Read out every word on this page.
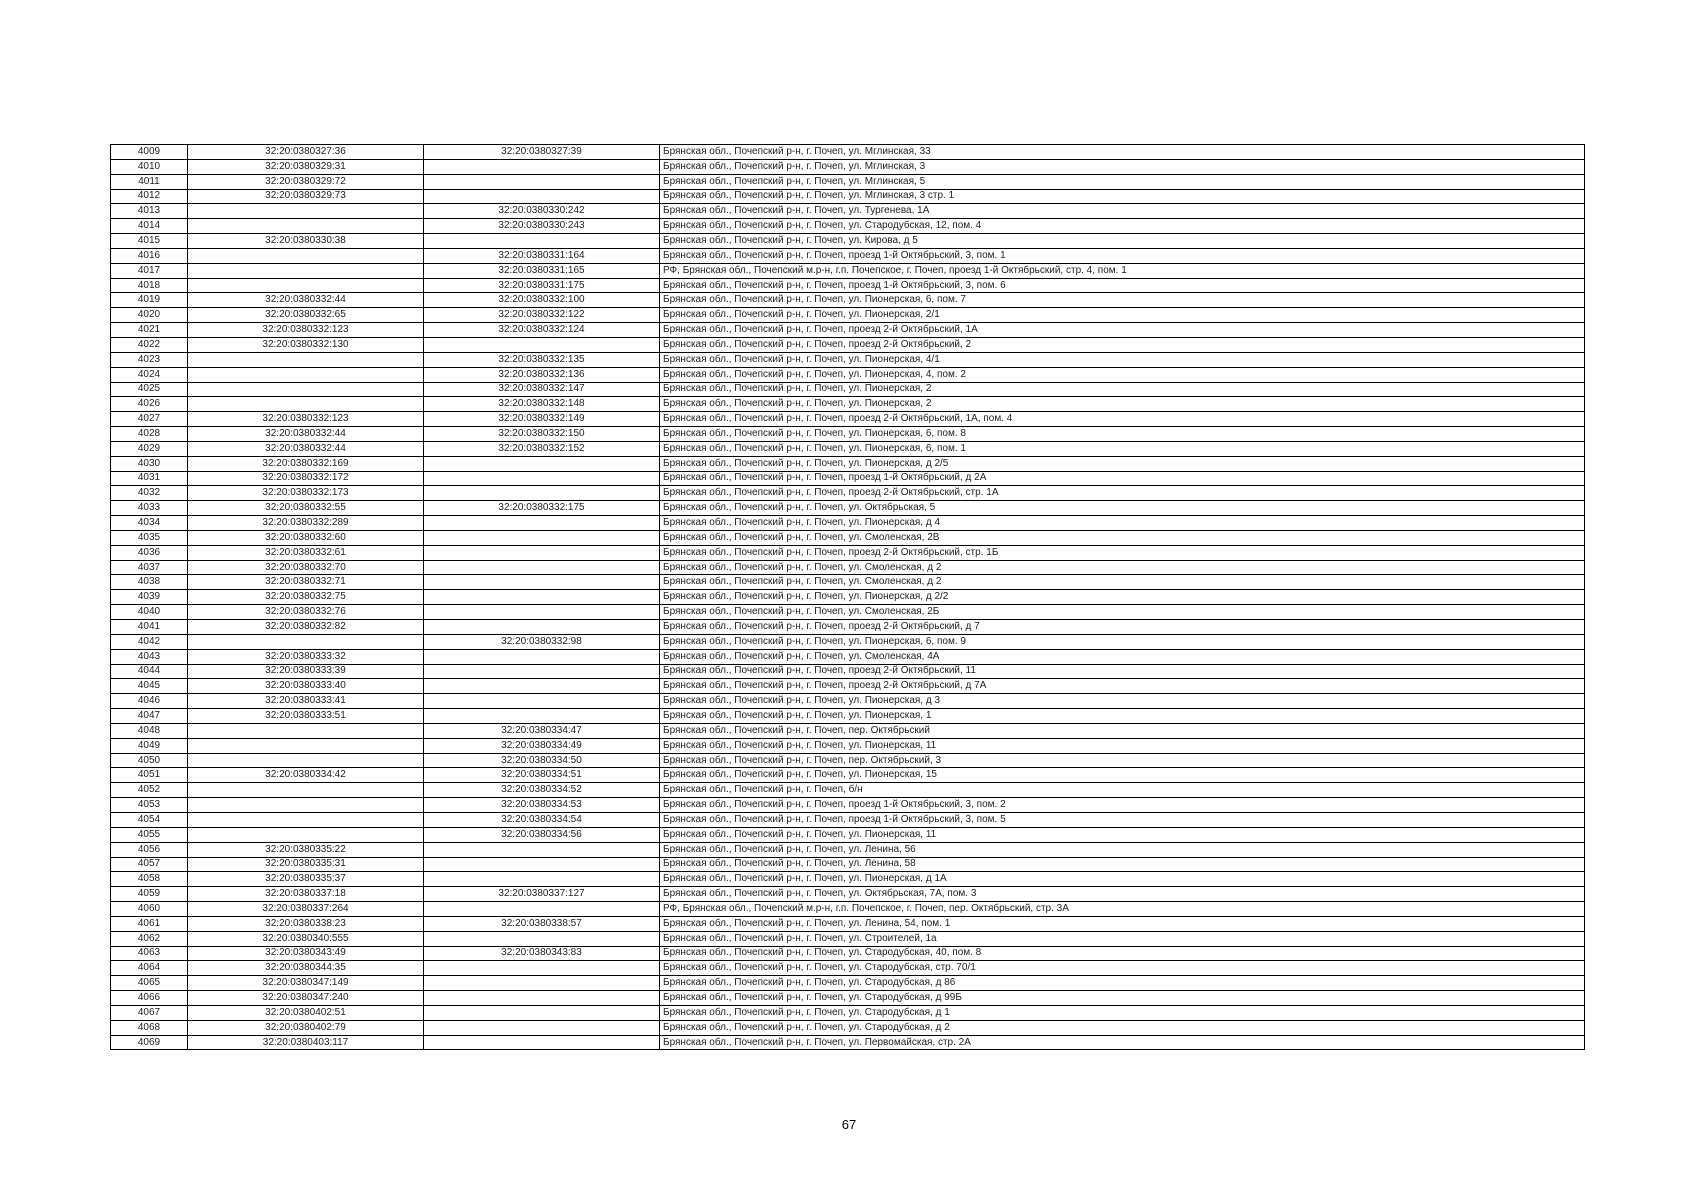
4009	32:20:0380327:36	32:20:0380327:39	Брянская обл., Почепский р-н, г. Почеп, ул. Мглинская, 33
4010	32:20:0380329:31		Брянская обл., Почепский р-н, г. Почеп, ул. Мглинская, 3
4011	32:20:0380329:72		Брянская обл., Почепский р-н, г. Почеп, ул. Мглинская, 5
4012	32:20:0380329:73		Брянская обл., Почепский р-н, г. Почеп, ул. Мглинская, 3 стр. 1
4013		32:20:0380330:242	Брянская обл., Почепский р-н, г. Почеп, ул. Тургенева, 1А
4014		32:20:0380330:243	Брянская обл., Почепский р-н, г. Почеп, ул. Стародубская, 12, пом. 4
4015	32:20:0380330:38		Брянская обл., Почепский р-н, г. Почеп, ул. Кирова, д 5
4016		32:20:0380331:164	Брянская обл., Почепский р-н, г. Почеп, проезд 1-й Октябрьский, 3, пом. 1
4017		32:20:0380331:165	РФ, Брянская обл., Почепский м.р-н, г.п. Почепское, г. Почеп, проезд 1-й Октябрьский, стр. 4, пом. 1
4018		32:20:0380331:175	Брянская обл., Почепский р-н, г. Почеп, проезд 1-й Октябрьский, 3, пом. 6
4019	32:20:0380332:44	32:20:0380332:100	Брянская обл., Почепский р-н, г. Почеп, ул. Пионерская, 6, пом. 7
4020	32:20:0380332:65	32:20:0380332:122	Брянская обл., Почепский р-н, г. Почеп, ул. Пионерская, 2/1
4021	32:20:0380332:123	32:20:0380332:124	Брянская обл., Почепский р-н, г. Почеп, проезд 2-й Октябрьский, 1А
4022	32:20:0380332:130		Брянская обл., Почепский р-н, г. Почеп, проезд 2-й Октябрьский, 2
4023		32:20:0380332:135	Брянская обл., Почепский р-н, г. Почеп, ул. Пионерская, 4/1
4024		32:20:0380332:136	Брянская обл., Почепский р-н, г. Почеп, ул. Пионерская, 4, пом. 2
4025		32:20:0380332:147	Брянская обл., Почепский р-н, г. Почеп, ул. Пионерская, 2
4026		32:20:0380332:148	Брянская обл., Почепский р-н, г. Почеп, ул. Пионерская, 2
4027	32:20:0380332:123	32:20:0380332:149	Брянская обл., Почепский р-н, г. Почеп, проезд 2-й Октябрьский, 1А, пом. 4
4028	32:20:0380332:44	32:20:0380332:150	Брянская обл., Почепский р-н, г. Почеп, ул. Пионерская, 6, пом. 8
4029	32:20:0380332:44	32:20:0380332:152	Брянская обл., Почепский р-н, г. Почеп, ул. Пионерская, 6, пом. 1
4030	32:20:0380332:169		Брянская обл., Почепский р-н, г. Почеп, ул. Пионерская, д 2/5
4031	32:20:0380332:172		Брянская обл., Почепский р-н, г. Почеп, проезд 1-й Октябрьский, д 2А
4032	32:20:0380332:173		Брянская обл., Почепский р-н, г. Почеп, проезд 2-й Октябрьский, стр. 1А
4033	32:20:0380332:55	32:20:0380332:175	Брянская обл., Почепский р-н, г. Почеп, ул. Октябрьская, 5
4034	32:20:0380332:289		Брянская обл., Почепский р-н, г. Почеп, ул. Пионерская, д 4
4035	32:20:0380332:60		Брянская обл., Почепский р-н, г. Почеп, ул. Смоленская, 2В
4036	32:20:0380332:61		Брянская обл., Почепский р-н, г. Почеп, проезд 2-й Октябрьский, стр. 1Б
4037	32:20:0380332:70		Брянская обл., Почепский р-н, г. Почеп, ул. Смоленская, д 2
4038	32:20:0380332:71		Брянская обл., Почепский р-н, г. Почеп, ул. Смоленская, д 2
4039	32:20:0380332:75		Брянская обл., Почепский р-н, г. Почеп, ул. Пионерская, д 2/2
4040	32:20:0380332:76		Брянская обл., Почепский р-н, г. Почеп, ул. Смоленская, 2Б
4041	32:20:0380332:82		Брянская обл., Почепский р-н, г. Почеп, проезд 2-й Октябрьский, д 7
4042		32:20:0380332:98	Брянская обл., Почепский р-н, г. Почеп, ул. Пионерская, 6, пом. 9
4043	32:20:0380333:32		Брянская обл., Почепский р-н, г. Почеп, ул. Смоленская, 4А
4044	32:20:0380333:39		Брянская обл., Почепский р-н, г. Почеп, проезд 2-й Октябрьский, 11
4045	32:20:0380333:40		Брянская обл., Почепский р-н, г. Почеп, проезд 2-й Октябрьский, д 7А
4046	32:20:0380333:41		Брянская обл., Почепский р-н, г. Почеп, ул. Пионерская, д 3
4047	32:20:0380333:51		Брянская обл., Почепский р-н, г. Почеп, ул. Пионерская, 1
4048		32:20:0380334:47	Брянская обл., Почепский р-н, г. Почеп, пер. Октябрьский
4049		32:20:0380334:49	Брянская обл., Почепский р-н, г. Почеп, ул. Пионерская, 11
4050		32:20:0380334:50	Брянская обл., Почепский р-н, г. Почеп, пер. Октябрьский, 3
4051	32:20:0380334:42	32:20:0380334:51	Брянская обл., Почепский р-н, г. Почеп, ул. Пионерская, 15
4052		32:20:0380334:52	Брянская обл., Почепский р-н, г. Почеп, б/н
4053		32:20:0380334:53	Брянская обл., Почепский р-н, г. Почеп, проезд 1-й Октябрьский, 3, пом. 2
4054		32:20:0380334:54	Брянская обл., Почепский р-н, г. Почеп, проезд 1-й Октябрьский, 3, пом. 5
4055		32:20:0380334:56	Брянская обл., Почепский р-н, г. Почеп, ул. Пионерская, 11
4056	32:20:0380335:22		Брянская обл., Почепский р-н, г. Почеп, ул. Ленина, 56
4057	32:20:0380335:31		Брянская обл., Почепский р-н, г. Почеп, ул. Ленина, 58
4058	32:20:0380335:37		Брянская обл., Почепский р-н, г. Почеп, ул. Пионерская, д 1А
4059	32:20:0380337:18	32:20:0380337:127	Брянская обл., Почепский р-н, г. Почеп, ул. Октябрьская, 7А, пом. 3
4060	32:20:0380337:264		РФ, Брянская обл., Почепский м.р-н, г.п. Почепское, г. Почеп, пер. Октябрьский, стр. 3А
4061	32:20:0380338:23	32:20:0380338:57	Брянская обл., Почепский р-н, г. Почеп, ул. Ленина, 54, пом. 1
4062	32:20:0380340:555		Брянская обл., Почепский р-н, г. Почеп, ул. Строителей, 1а
4063	32:20:0380343:49	32:20:0380343:83	Брянская обл., Почепский р-н, г. Почеп, ул. Стародубская, 40, пом. 8
4064	32:20:0380344:35		Брянская обл., Почепский р-н, г. Почеп, ул. Стародубская, стр. 70/1
4065	32:20:0380347:149		Брянская обл., Почепский р-н, г. Почеп, ул. Стародубская, д 86
4066	32:20:0380347:240		Брянская обл., Почепский р-н, г. Почеп, ул. Стародубская, д 99Б
4067	32:20:0380402:51		Брянская обл., Почепский р-н, г. Почеп, ул. Стародубская, д 1
4068	32:20:0380402:79		Брянская обл., Почепский р-н, г. Почеп, ул. Стародубская, д 2
4069	32:20:0380403:117		Брянская обл., Почепский р-н, г. Почеп, ул. Первомайская, стр. 2А
67
